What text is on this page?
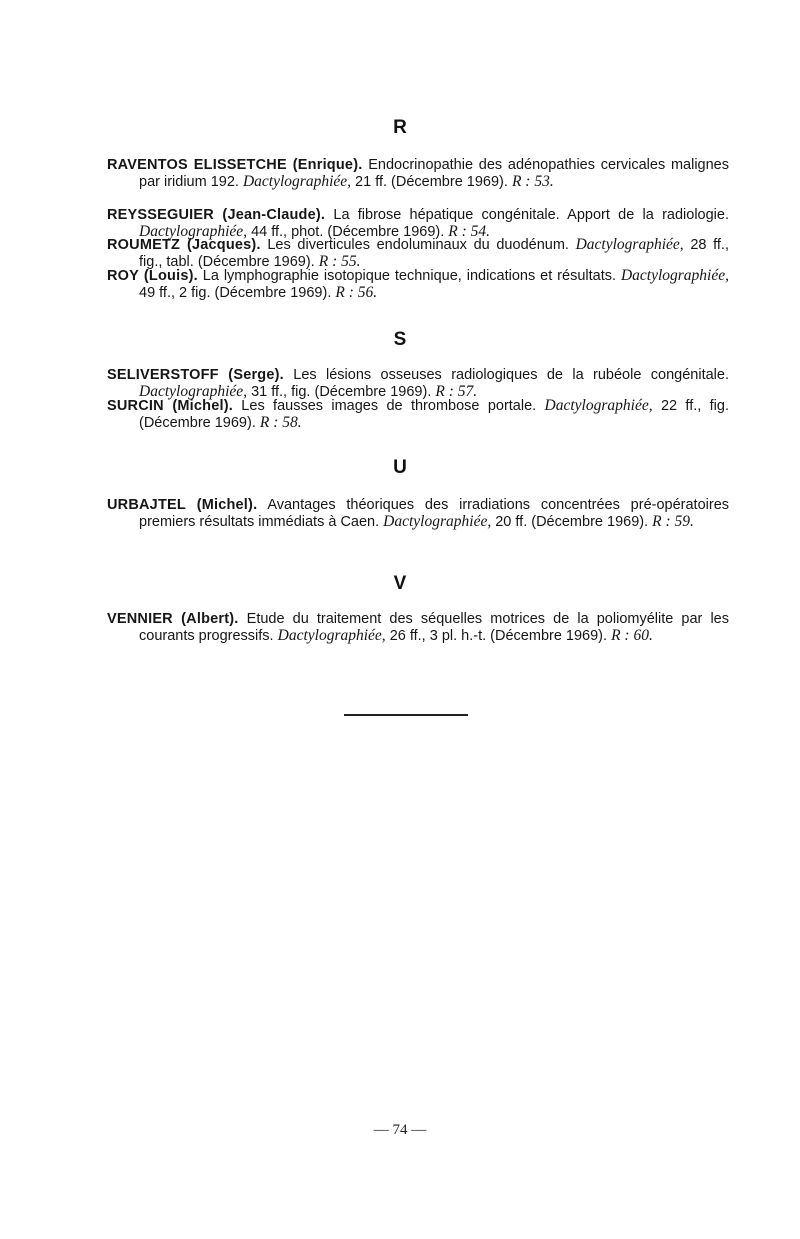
R
RAVENTOS ELISSETCHE (Enrique). Endocrinopathie des adénopathies cervicales malignes par iridium 192. Dactylographiée, 21 ff. (Décembre 1969). R : 53.
REYSSEGUIER (Jean-Claude). La fibrose hépatique congénitale. Apport de la radiologie. Dactylographiée, 44 ff., phot. (Décembre 1969). R : 54.
ROUMETZ (Jacques). Les diverticules endoluminaux du duodénum. Dactylographiée, 28 ff., fig., tabl. (Décembre 1969). R : 55.
ROY (Louis). La lymphographie isotopique technique, indications et résultats. Dactylographiée, 49 ff., 2 fig. (Décembre 1969). R : 56.
S
SELIVERSTOFF (Serge). Les lésions osseuses radiologiques de la rubéole congénitale. Dactylographiée, 31 ff., fig. (Décembre 1969). R : 57.
SURCIN (Michel). Les fausses images de thrombose portale. Dactylographiée, 22 ff., fig. (Décembre 1969). R : 58.
U
URBAJTEL (Michel). Avantages théoriques des irradiations concentrées pré-opératoires premiers résultats immédiats à Caen. Dactylographiée, 20 ff. (Décembre 1969). R : 59.
V
VENNIER (Albert). Etude du traitement des séquelles motrices de la poliomyélite par les courants progressifs. Dactylographiée, 26 ff., 3 pl. h.-t. (Décembre 1969). R : 60.
— 74 —
